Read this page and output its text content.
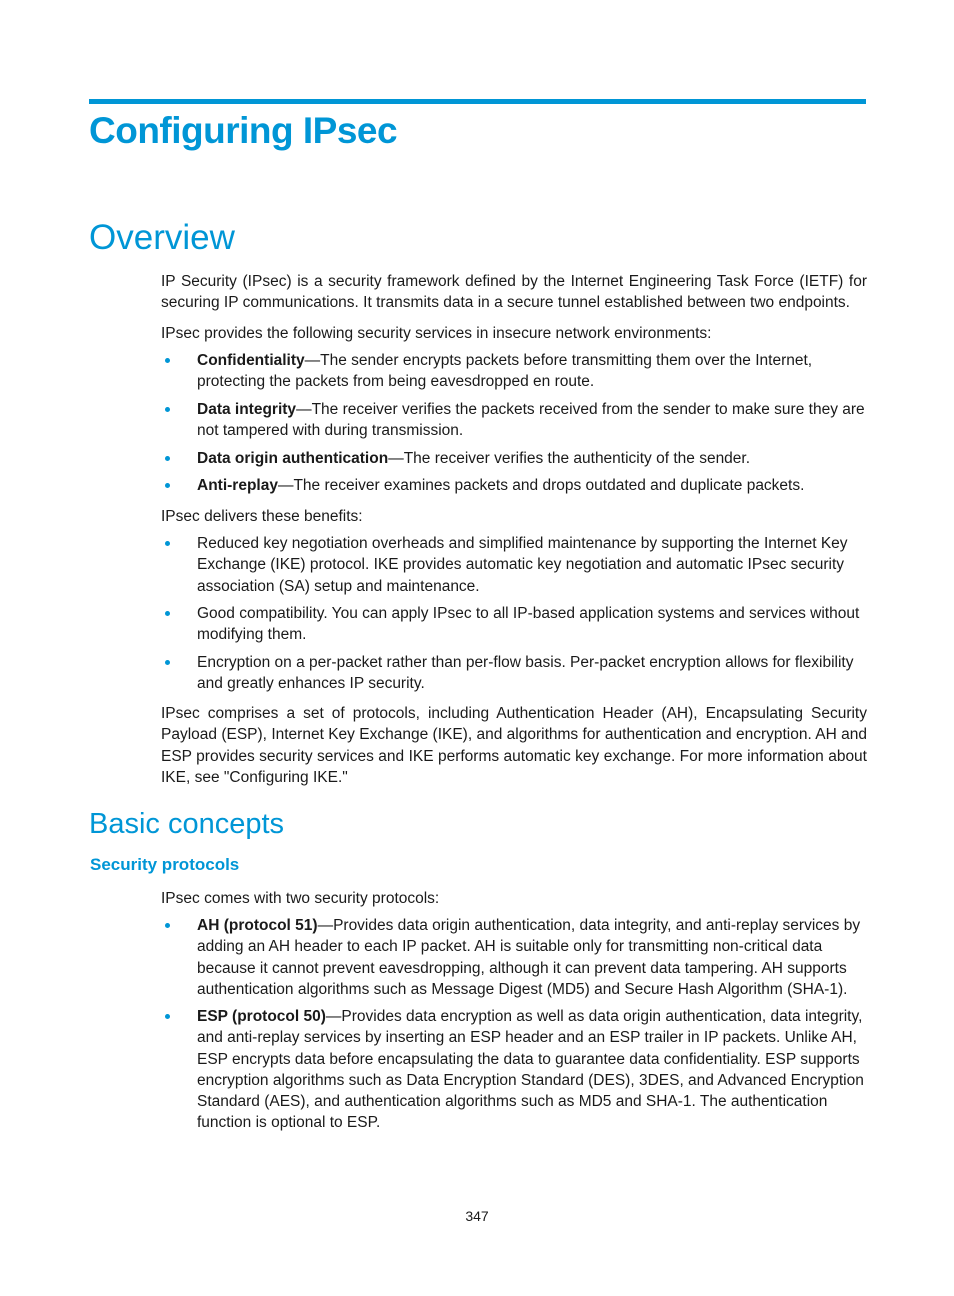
Configuring IPsec
Overview

IP Security (IPsec) is a security framework defined by the Internet Engineering Task Force (IETF) for securing IP communications. It transmits data in a secure tunnel established between two endpoints.

IPsec provides the following security services in insecure network environments:

Confidentiality—The sender encrypts packets before transmitting them over the Internet, protecting the packets from being eavesdropped en route.
Data integrity—The receiver verifies the packets received from the sender to make sure they are not tampered with during transmission.
Data origin authentication—The receiver verifies the authenticity of the sender.
Anti-replay—The receiver examines packets and drops outdated and duplicate packets.

IPsec delivers these benefits:

Reduced key negotiation overheads and simplified maintenance by supporting the Internet Key Exchange (IKE) protocol. IKE provides automatic key negotiation and automatic IPsec security association (SA) setup and maintenance.
Good compatibility. You can apply IPsec to all IP-based application systems and services without modifying them.
Encryption on a per-packet rather than per-flow basis. Per-packet encryption allows for flexibility and greatly enhances IP security.

IPsec comprises a set of protocols, including Authentication Header (AH), Encapsulating Security Payload (ESP), Internet Key Exchange (IKE), and algorithms for authentication and encryption. AH and ESP provides security services and IKE performs automatic key exchange. For more information about IKE, see "Configuring IKE."

Basic concepts
Security protocols

IPsec comes with two security protocols:

AH (protocol 51)—Provides data origin authentication, data integrity, and anti-replay services by adding an AH header to each IP packet. AH is suitable only for transmitting non-critical data because it cannot prevent eavesdropping, although it can prevent data tampering. AH supports authentication algorithms such as Message Digest (MD5) and Secure Hash Algorithm (SHA-1).
ESP (protocol 50)—Provides data encryption as well as data origin authentication, data integrity, and anti-replay services by inserting an ESP header and an ESP trailer in IP packets. Unlike AH, ESP encrypts data before encapsulating the data to guarantee data confidentiality. ESP supports encryption algorithms such as Data Encryption Standard (DES), 3DES, and Advanced Encryption Standard (AES), and authentication algorithms such as MD5 and SHA-1. The authentication function is optional to ESP.
347
